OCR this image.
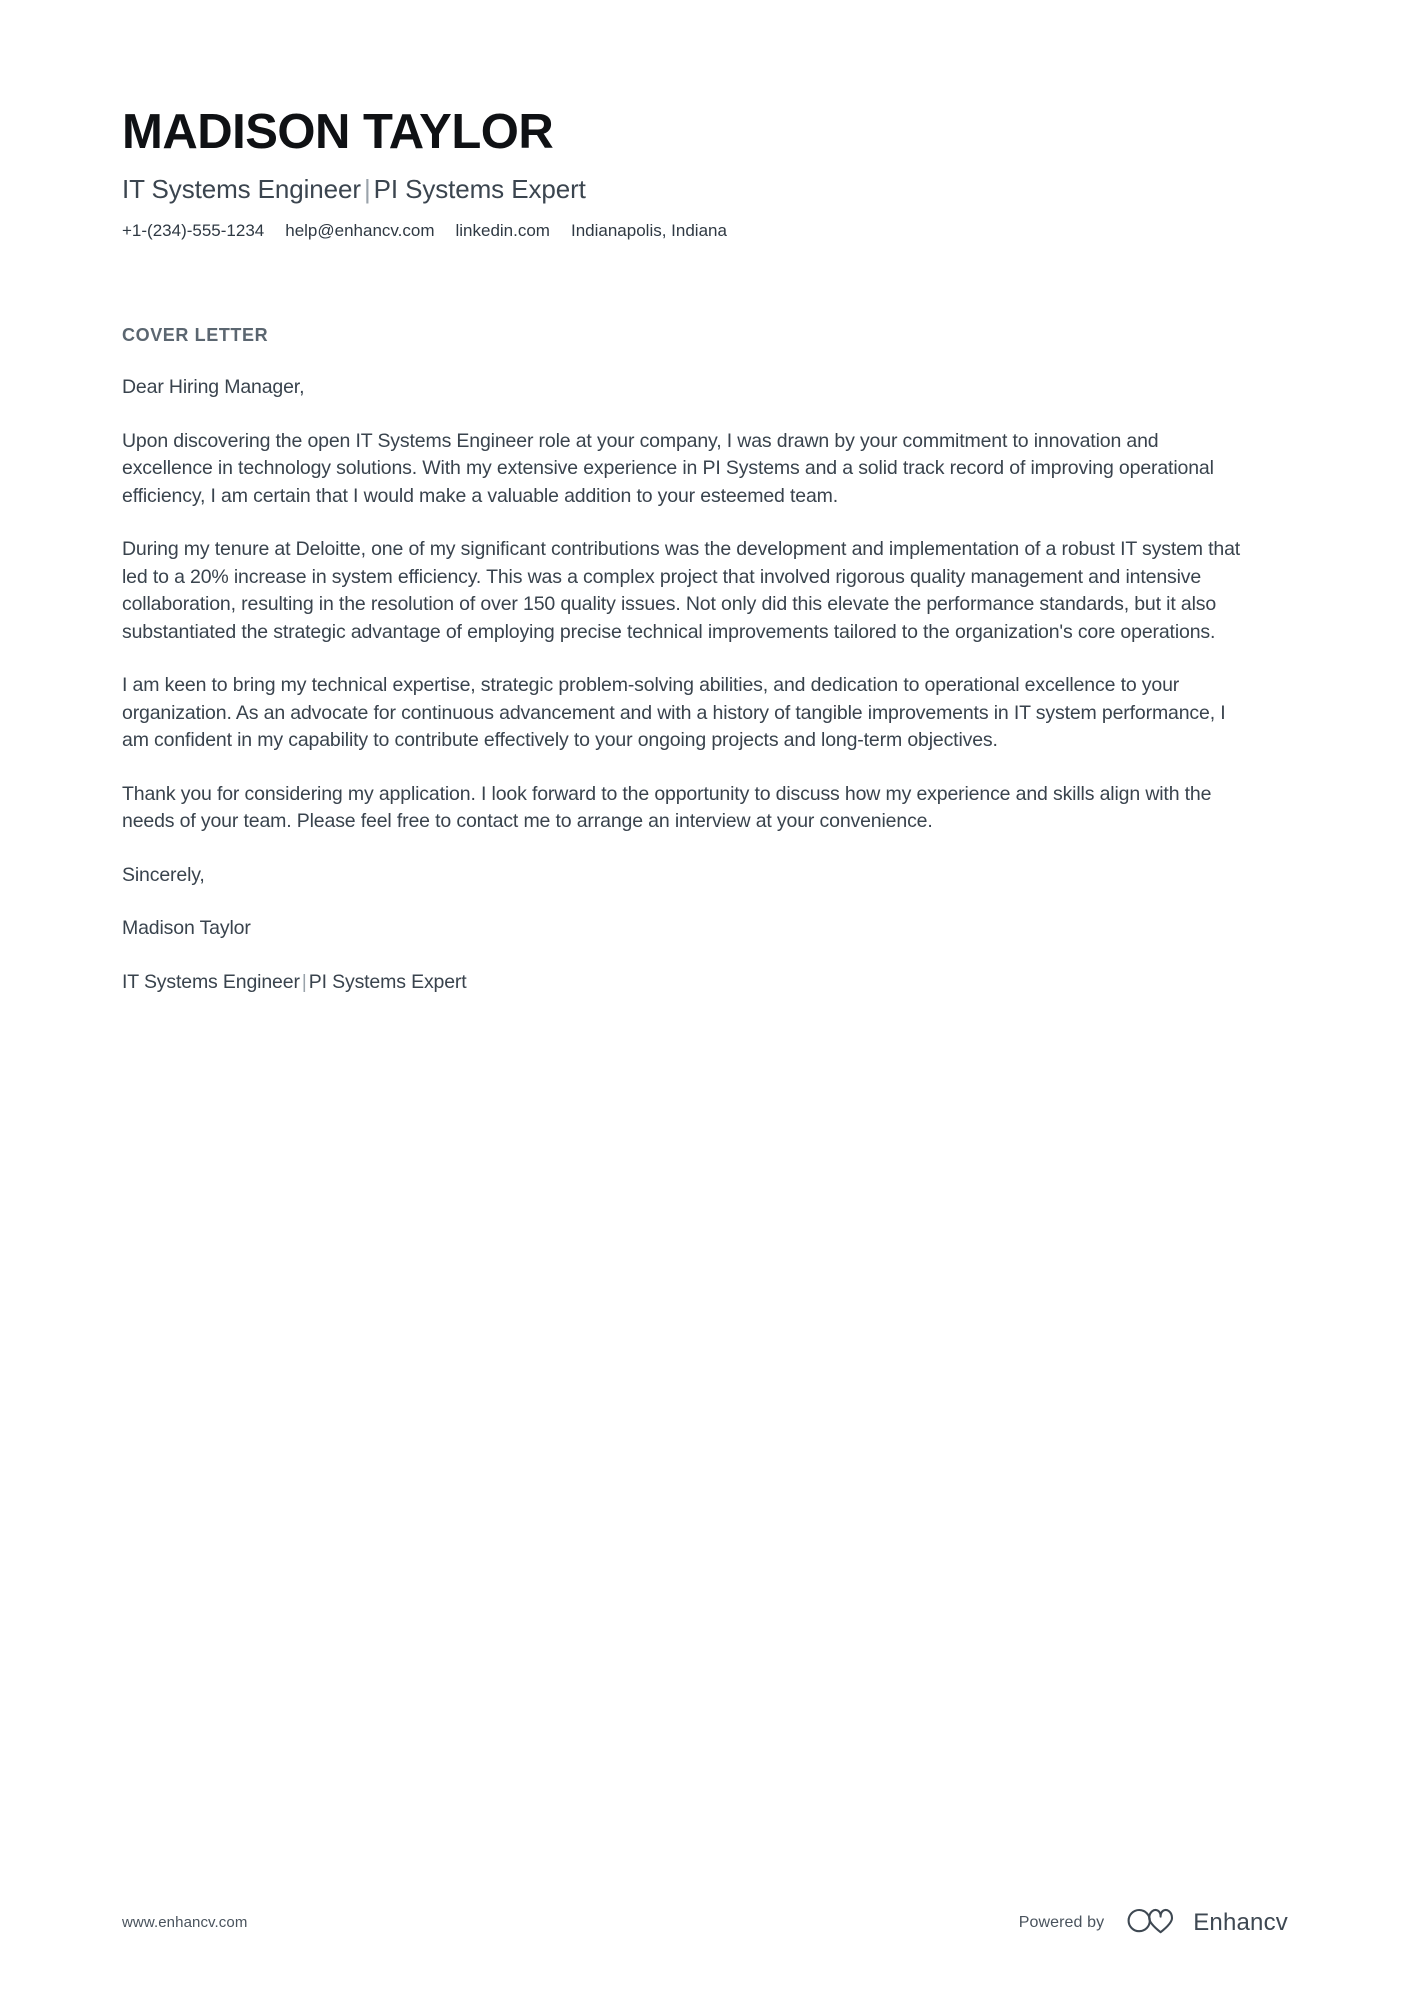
MADISON TAYLOR
IT Systems Engineer | PI Systems Expert
+1-(234)-555-1234 help@enhancv.com linkedin.com Indianapolis, Indiana
COVER LETTER

Dear Hiring Manager,

Upon discovering the open IT Systems Engineer role at your company, I was drawn by your commitment to innovation and excellence in technology solutions. With my extensive experience in PI Systems and a solid track record of improving operational efficiency, I am certain that I would make a valuable addition to your esteemed team.

During my tenure at Deloitte, one of my significant contributions was the development and implementation of a robust IT system that led to a 20% increase in system efficiency. This was a complex project that involved rigorous quality management and intensive collaboration, resulting in the resolution of over 150 quality issues. Not only did this elevate the performance standards, but it also substantiated the strategic advantage of employing precise technical improvements tailored to the organization's core operations.

I am keen to bring my technical expertise, strategic problem-solving abilities, and dedication to operational excellence to your organization. As an advocate for continuous advancement and with a history of tangible improvements in IT system performance, I am confident in my capability to contribute effectively to your ongoing projects and long-term objectives.

Thank you for considering my application. I look forward to the opportunity to discuss how my experience and skills align with the needs of your team. Please feel free to contact me to arrange an interview at your convenience.

Sincerely,

Madison Taylor

IT Systems Engineer | PI Systems Expert

www.enhancv.com	Powered by	Enhancv
